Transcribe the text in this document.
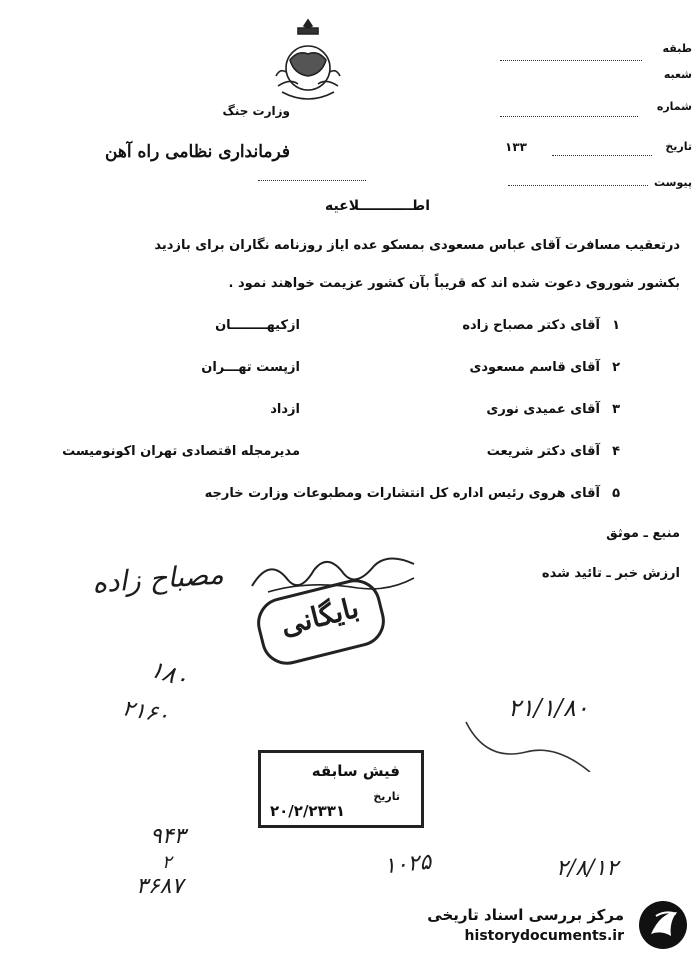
وزارت جنگ
فرمانداری نظامی راه آهن
طبقه
شعبه
شماره
تاریخ
۱۳۳
پیوست
اطـــــــــــلاعیه
درتعقیب مسافرت آقای عباس مسعودی بمسکو عده ایاز روزنامه نگاران برای بازدید
بکشور شوروی دعوت شده اند که قریباً بآن کشور عزیمت خواهند نمود .
۱
آقای دکتر مصباح زاده
ازکیهــــــــان
۲
آقای قاسم مسعودی
ازپست تهـــران
۳
آقای عمیدی نوری
ازداد
۴
آقای دکتر شریعت
مدیرمجله اقتصادی تهران اکونومیست
۵
آقای هروی رئیس اداره کل انتشارات ومطبوعات وزارت خارجه
منبع ـ موثق
ارزش خبر ـ تائید شده
مصباح زاده
بایگانی
۱۸۰
۲۱۶۰	۲۱/۱/۸۰
فیش سابقه
تاریخ
۲۰/۲/۲۳۳۱
۹۴۳
۲
۳۶۸۷
۱۰۲۵	۲/۸/۱۲
مرکز بررسی اسناد تاریخی
historydocuments.ir
